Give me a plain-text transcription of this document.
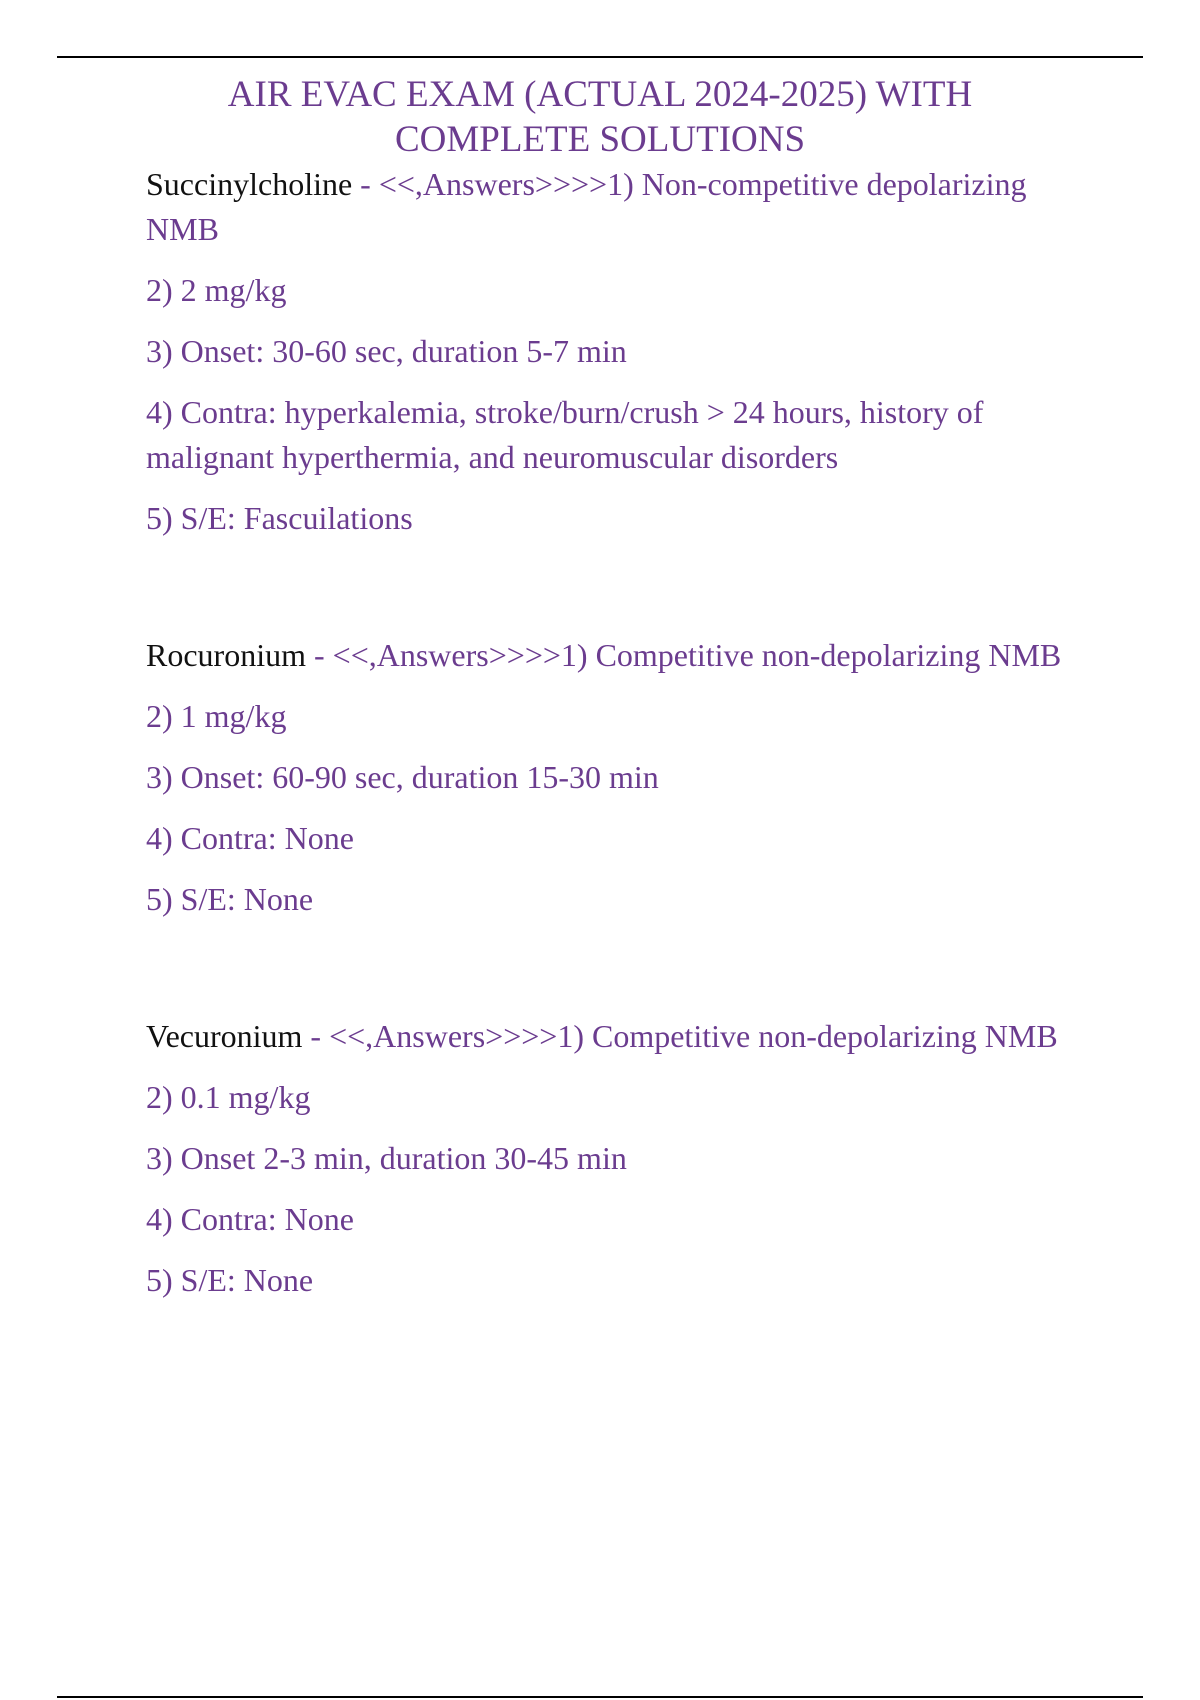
AIR EVAC EXAM (ACTUAL 2024-2025) WITH
COMPLETE SOLUTIONS

Succinylcholine - <<,Answers>>>>1) Non-competitive depolarizing NMB

2) 2 mg/kg

3) Onset: 30-60 sec, duration 5-7 min

4) Contra: hyperkalemia, stroke/burn/crush > 24 hours, history of malignant hyperthermia, and neuromuscular disorders

5) S/E: Fascuilations

Rocuronium - <<,Answers>>>>1) Competitive non-depolarizing NMB

2) 1 mg/kg

3) Onset: 60-90 sec, duration 15-30 min

4) Contra: None

5) S/E: None

Vecuronium - <<,Answers>>>>1) Competitive non-depolarizing NMB

2) 0.1 mg/kg

3) Onset 2-3 min, duration 30-45 min

4) Contra: None

5) S/E: None
